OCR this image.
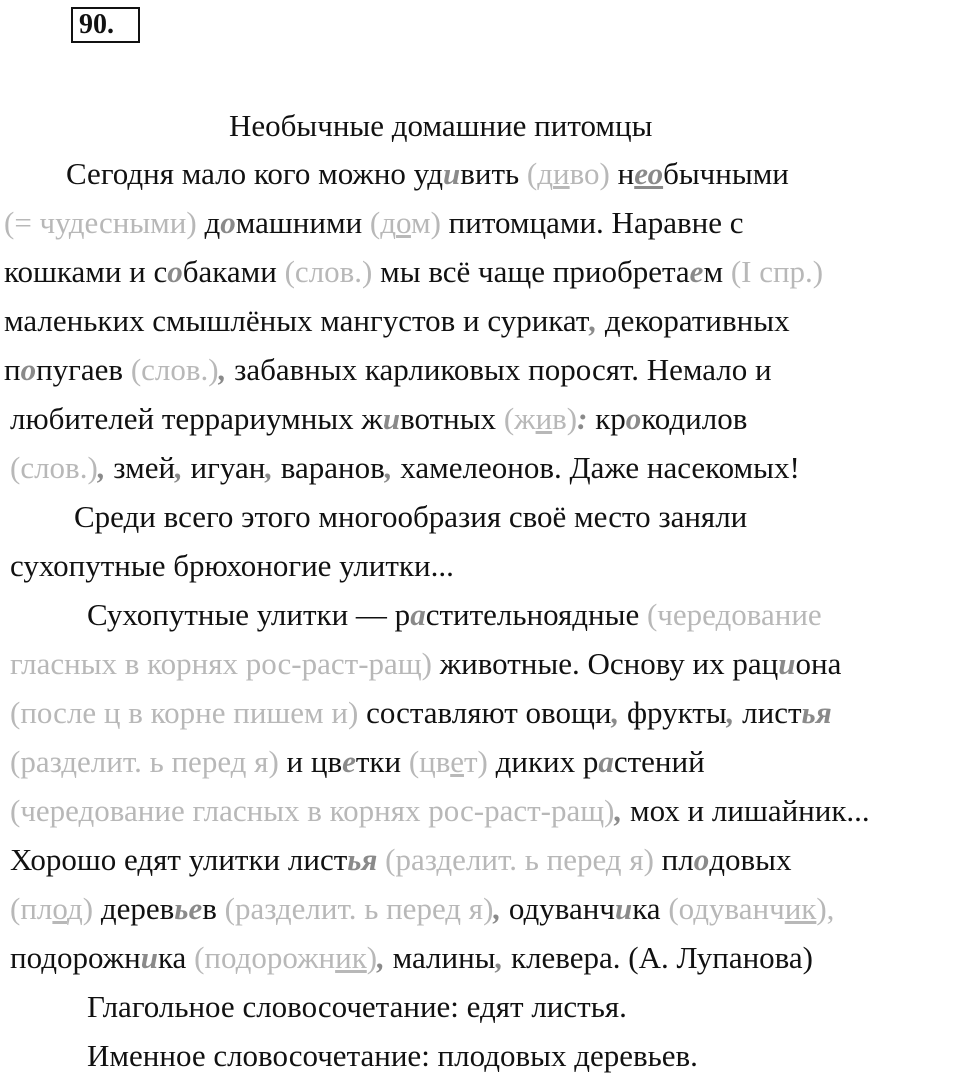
90.
Необычные домашние питомцы
Сегодня мало кого можно удивить (диво) необычными
(= чудесными) домашними (дом) питомцами. Наравне с
кошками и собаками (слов.) мы всё чаще приобретаем (I спр.)
маленьких смышлёных мангустов и сурикат, декоративных
попугаев (слов.), забавных карликовых поросят. Немало и
любителей террариумных животных (жив): крокодилов
(слов.), змей, игуан, варанов, хамелеонов. Даже насекомых!
Среди всего этого многообразия своё место заняли
сухопутные брюхоногие улитки...
Сухопутные улитки — растительноядные (чередование
гласных в корнях рос-раст-ращ) животные. Основу их рациона
(после ц в корне пишем и) составляют овощи, фрукты, листья
(разделит. ь перед я) и цветки (цвет) диких растений
(чередование гласных в корнях рос-раст-ращ), мох и лишайник...
Хорошо едят улитки листья (разделит. ь перед я) плодовых
(плод) деревьев (разделит. ь перед я), одуванчика (одуванчик),
подорожника (подорожник), малины, клевера. (А. Лупанова)
Глагольное словосочетание: едят листья.
Именное словосочетание: плодовых деревьев.
